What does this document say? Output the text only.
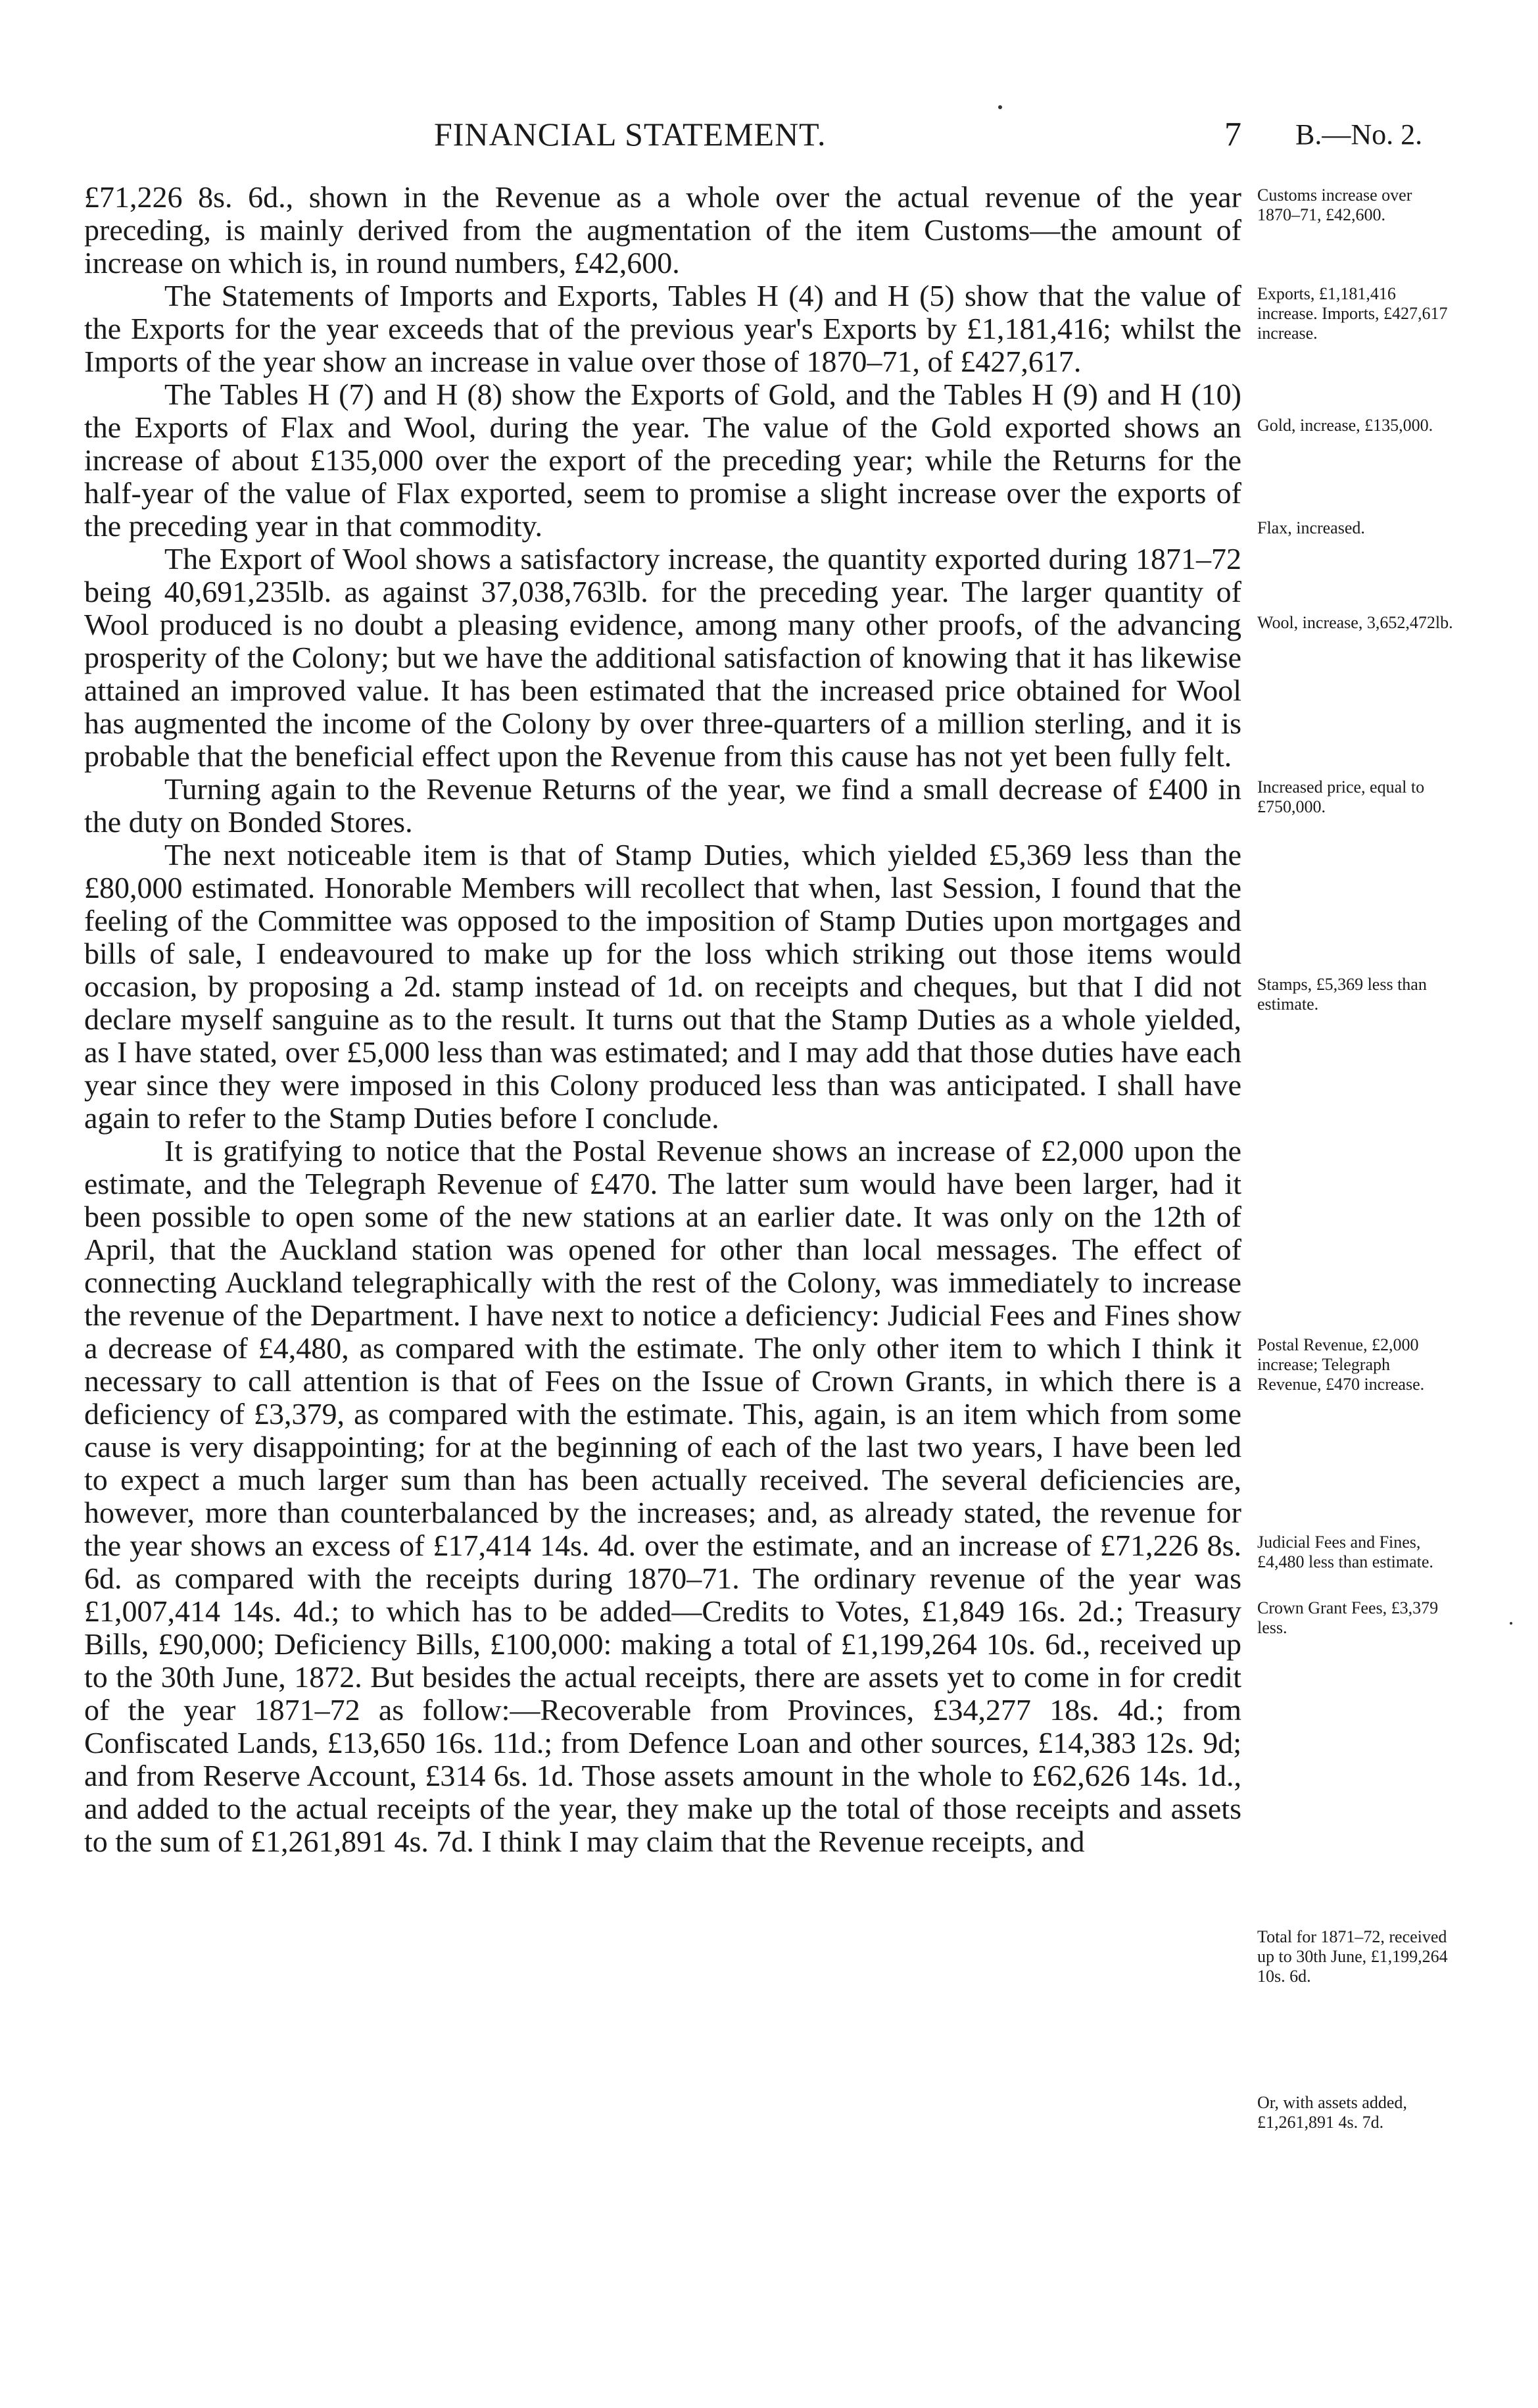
FINANCIAL STATEMENT.	7 B.—No. 2.

£71,226 8s. 6d., shown in the Revenue as a whole over the actual revenue of the year preceding, is mainly derived from the augmentation of the item Customs—the amount of increase on which is, in round numbers, £42,600.

The Statements of Imports and Exports, Tables H (4) and H (5) show that the value of the Exports for the year exceeds that of the previous year's Exports by £1,181,416; whilst the Imports of the year show an increase in value over those of 1870–71, of £427,617.

The Tables H (7) and H (8) show the Exports of Gold, and the Tables H (9) and H (10) the Exports of Flax and Wool, during the year. The value of the Gold exported shows an increase of about £135,000 over the export of the preceding year; while the Returns for the half-year of the value of Flax exported, seem to promise a slight increase over the exports of the preceding year in that commodity.

The Export of Wool shows a satisfactory increase, the quantity exported during 1871–72 being 40,691,235lb. as against 37,038,763lb. for the preceding year. The larger quantity of Wool produced is no doubt a pleasing evidence, among many other proofs, of the advancing prosperity of the Colony; but we have the additional satisfaction of knowing that it has likewise attained an improved value. It has been estimated that the increased price obtained for Wool has augmented the income of the Colony by over three-quarters of a million sterling, and it is probable that the beneficial effect upon the Revenue from this cause has not yet been fully felt.

Turning again to the Revenue Returns of the year, we find a small decrease of £400 in the duty on Bonded Stores.

The next noticeable item is that of Stamp Duties, which yielded £5,369 less than the £80,000 estimated. Honorable Members will recollect that when, last Session, I found that the feeling of the Committee was opposed to the imposition of Stamp Duties upon mortgages and bills of sale, I endeavoured to make up for the loss which striking out those items would occasion, by proposing a 2d. stamp instead of 1d. on receipts and cheques, but that I did not declare myself sanguine as to the result. It turns out that the Stamp Duties as a whole yielded, as I have stated, over £5,000 less than was estimated; and I may add that those duties have each year since they were imposed in this Colony produced less than was anticipated. I shall have again to refer to the Stamp Duties before I conclude.

It is gratifying to notice that the Postal Revenue shows an increase of £2,000 upon the estimate, and the Telegraph Revenue of £470. The latter sum would have been larger, had it been possible to open some of the new stations at an earlier date. It was only on the 12th of April, that the Auckland station was opened for other than local messages. The effect of connecting Auckland telegraphically with the rest of the Colony, was immediately to increase the revenue of the Department. I have next to notice a deficiency: Judicial Fees and Fines show a decrease of £4,480, as compared with the estimate. The only other item to which I think it necessary to call attention is that of Fees on the Issue of Crown Grants, in which there is a deficiency of £3,379, as compared with the estimate. This, again, is an item which from some cause is very disappointing; for at the beginning of each of the last two years, I have been led to expect a much larger sum than has been actually received. The several deficiencies are, however, more than counterbalanced by the increases; and, as already stated, the revenue for the year shows an excess of £17,414 14s. 4d. over the estimate, and an increase of £71,226 8s. 6d. as compared with the receipts during 1870–71. The ordinary revenue of the year was £1,007,414 14s. 4d.; to which has to be added—Credits to Votes, £1,849 16s. 2d.; Treasury Bills, £90,000; Deficiency Bills, £100,000: making a total of £1,199,264 10s. 6d., received up to the 30th June, 1872. But besides the actual receipts, there are assets yet to come in for credit of the year 1871–72 as follow:—Recoverable from Provinces, £34,277 18s. 4d.; from Confiscated Lands, £13,650 16s. 11d.; from Defence Loan and other sources, £14,383 12s. 9d; and from Reserve Account, £314 6s. 1d. Those assets amount in the whole to £62,626 14s. 1d., and added to the actual receipts of the year, they make up the total of those receipts and assets to the sum of £1,261,891 4s. 7d. I think I may claim that the Revenue receipts, and

Customs increase over 1870–71, £42,600.
Exports, £1,181,416 increase. Imports, £427,617 increase.
Gold, increase, £135,000.
Flax, increased.
Wool, increase, 3,652,472lb.
Increased price, equal to £750,000.
Stamps, £5,369 less than estimate.
Postal Revenue, £2,000 increase; Telegraph Revenue, £470 increase.
Judicial Fees and Fines, £4,480 less than estimate.
Crown Grant Fees, £3,379 less.
Total for 1871–72, received up to 30th June, £1,199,264 10s. 6d.
Or, with assets added, £1,261,891 4s. 7d.
